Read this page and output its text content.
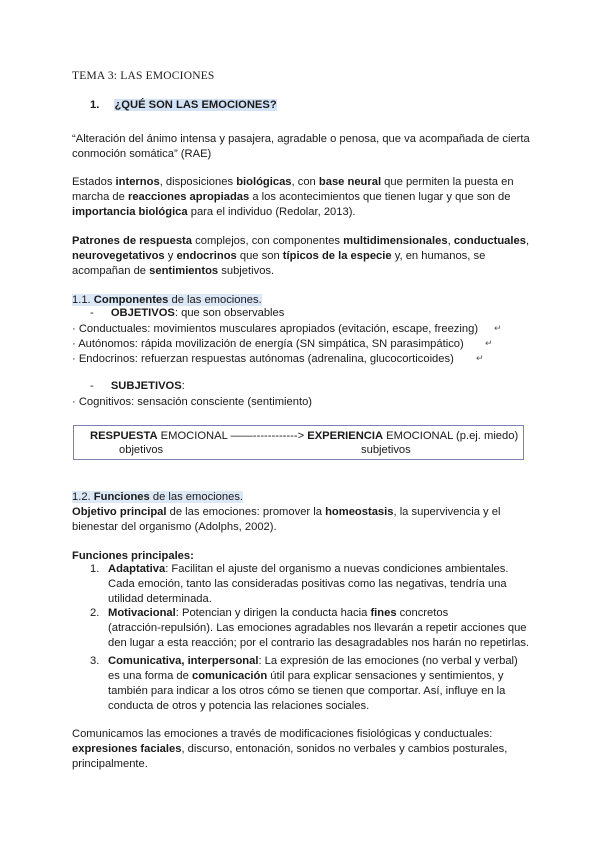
TEMA 3: LAS EMOCIONES
1. ¿QUÉ SON LAS EMOCIONES?
“Alteración del ánimo intensa y pasajera, agradable o penosa, que va acompañada de cierta
conmoción somática” (RAE)
Estados internos, disposiciones biológicas, con base neural que permiten la puesta en
marcha de reacciones apropiadas a los acontecimientos que tienen lugar y que son de
importancia biológica para el individuo (Redolar, 2013).
Patrones de respuesta complejos, con componentes multidimensionales, conductuales,
neurovegetativos y endocrinos que son típicos de la especie y, en humanos, se
acompañan de sentimientos subjetivos.
1.1. Componentes de las emociones.
- OBJETIVOS: que son observables
· Conductuales: movimientos musculares apropiados (evitación, escape, freezing) ↵
· Autónomos: rápida movilización de energía (SN simpática, SN parasimpático) ↵
· Endocrinos: refuerzan respuestas autónomas (adrenalina, glucocorticoides) ↵
- SUBJETIVOS:
· Cognitivos: sensación consciente (sentimiento)
RESPUESTA EMOCIONAL ——------------> EXPERIENCIA EMOCIONAL (p.ej. miedo)
objetivos	subjetivos
1.2. Funciones de las emociones.
Objetivo principal de las emociones: promover la homeostasis, la supervivencia y el
bienestar del organismo (Adolphs, 2002).
Funciones principales:
1. Adaptativa: Facilitan el ajuste del organismo a nuevas condiciones ambientales.
Cada emoción, tanto las consideradas positivas como las negativas, tendría una
utilidad determinada.
2. Motivacional: Potencian y dirigen la conducta hacia fines concretos
(atracción-repulsión). Las emociones agradables nos llevarán a repetir acciones que
den lugar a esta reacción; por el contrario las desagradables nos harán no repetirlas.
3. Comunicativa, interpersonal: La expresión de las emociones (no verbal y verbal)
es una forma de comunicación útil para explicar sensaciones y sentimientos, y
también para indicar a los otros cómo se tienen que comportar. Así, influye en la
conducta de otros y potencia las relaciones sociales.
Comunicamos las emociones a través de modificaciones fisiológicas y conductuales:
expresiones faciales, discurso, entonación, sonidos no verbales y cambios posturales,
principalmente.
